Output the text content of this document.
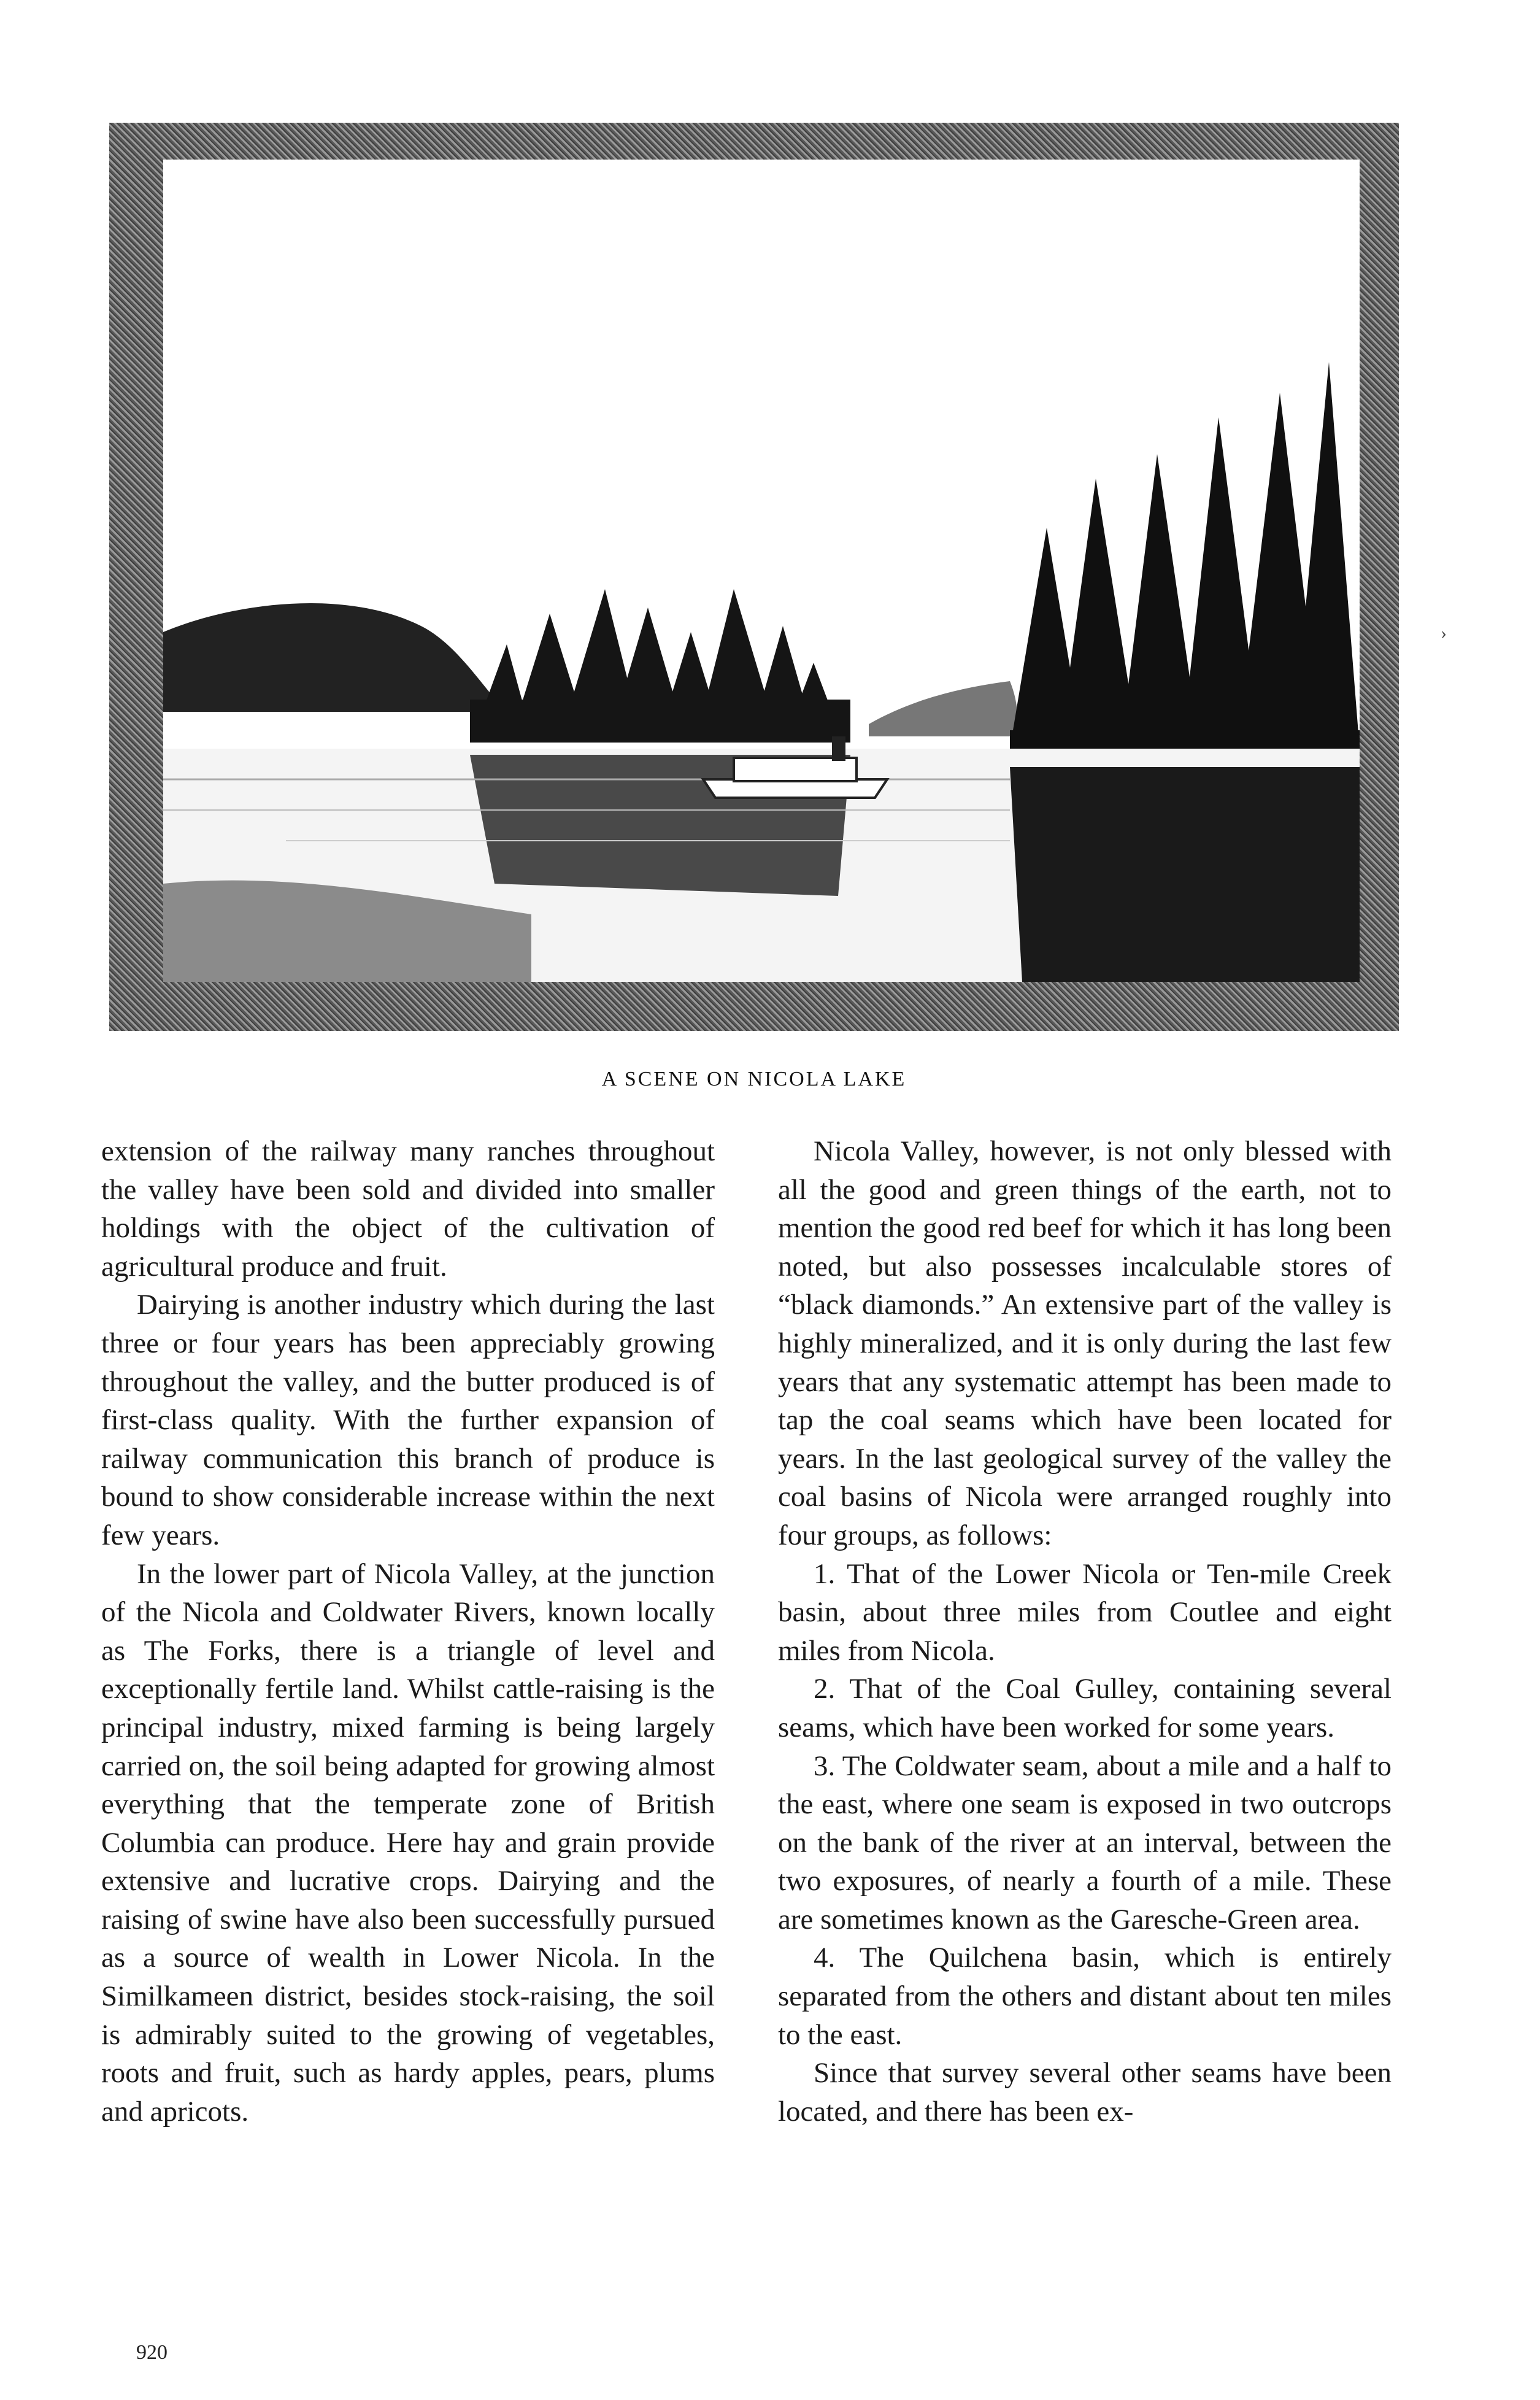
›
A SCENE ON NICOLA LAKE

extension of the railway many ranches throughout the valley have been sold and divided into smaller holdings with the object of the cultivation of agricultural produce and fruit.

Dairying is another industry which during the last three or four years has been appreciably growing throughout the valley, and the butter produced is of first-class quality. With the further expansion of railway communication this branch of produce is bound to show considerable increase within the next few years.

In the lower part of Nicola Valley, at the junction of the Nicola and Coldwater Rivers, known locally as The Forks, there is a triangle of level and exceptionally fertile land. Whilst cattle-raising is the principal industry, mixed farming is being largely carried on, the soil being adapted for growing almost everything that the temperate zone of British Columbia can produce. Here hay and grain provide extensive and lucrative crops. Dairying and the raising of swine have also been successfully pursued as a source of wealth in Lower Nicola. In the Similkameen district, besides stock-raising, the soil is admirably suited to the growing of vegetables, roots and fruit, such as hardy apples, pears, plums and apricots.

Nicola Valley, however, is not only blessed with all the good and green things of the earth, not to mention the good red beef for which it has long been noted, but also possesses incalculable stores of “black diamonds.” An extensive part of the valley is highly mineralized, and it is only during the last few years that any systematic attempt has been made to tap the coal seams which have been located for years. In the last geological survey of the valley the coal basins of Nicola were arranged roughly into four groups, as follows:

1. That of the Lower Nicola or Ten-mile Creek basin, about three miles from Coutlee and eight miles from Nicola.

2. That of the Coal Gulley, containing several seams, which have been worked for some years.

3. The Coldwater seam, about a mile and a half to the east, where one seam is exposed in two outcrops on the bank of the river at an interval, between the two exposures, of nearly a fourth of a mile. These are sometimes known as the Garesche-Green area.

4. The Quilchena basin, which is entirely separated from the others and distant about ten miles to the east.

Since that survey several other seams have been located, and there has been ex-

920
